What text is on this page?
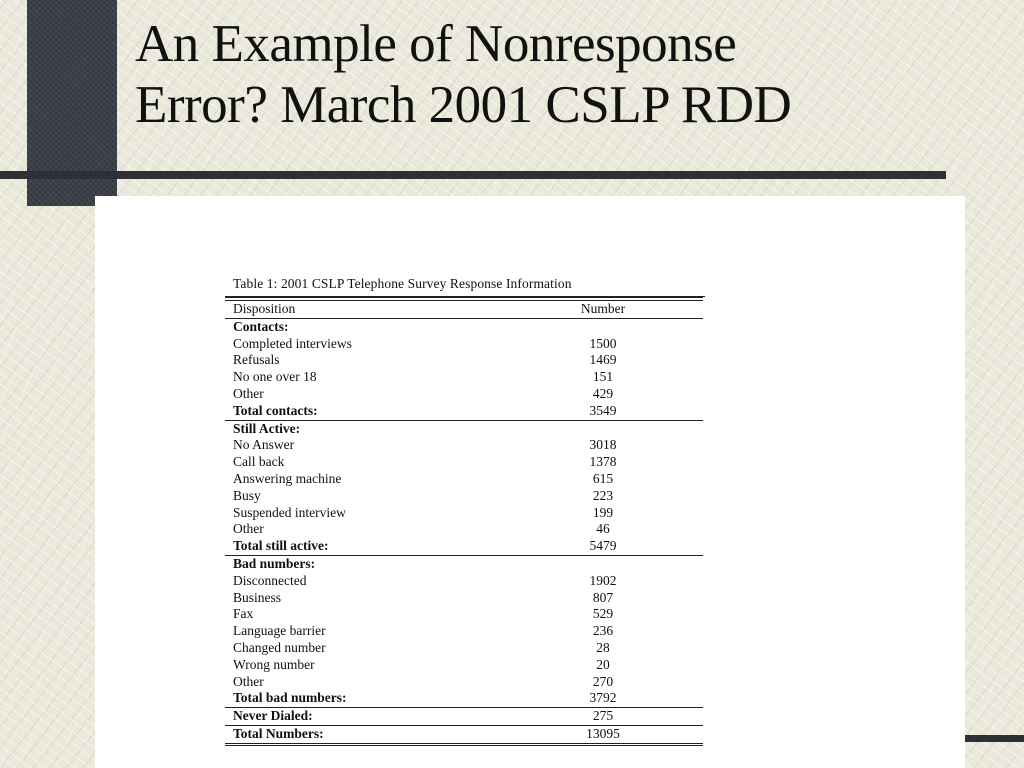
An Example of Nonresponse
Error? March 2001 CSLP RDD
Table 1: 2001 CSLP Telephone Survey Response Information
Disposition	Number
Contacts:	
Completed interviews	1500
Refusals	1469
No one over 18	151
Other	429
Total contacts:	3549
Still Active:	
No Answer	3018
Call back	1378
Answering machine	615
Busy	223
Suspended interview	199
Other	46
Total still active:	5479
Bad numbers:	
Disconnected	1902
Business	807
Fax	529
Language barrier	236
Changed number	28
Wrong number	20
Other	270
Total bad numbers:	3792
Never Dialed:	275
Total Numbers:	13095
